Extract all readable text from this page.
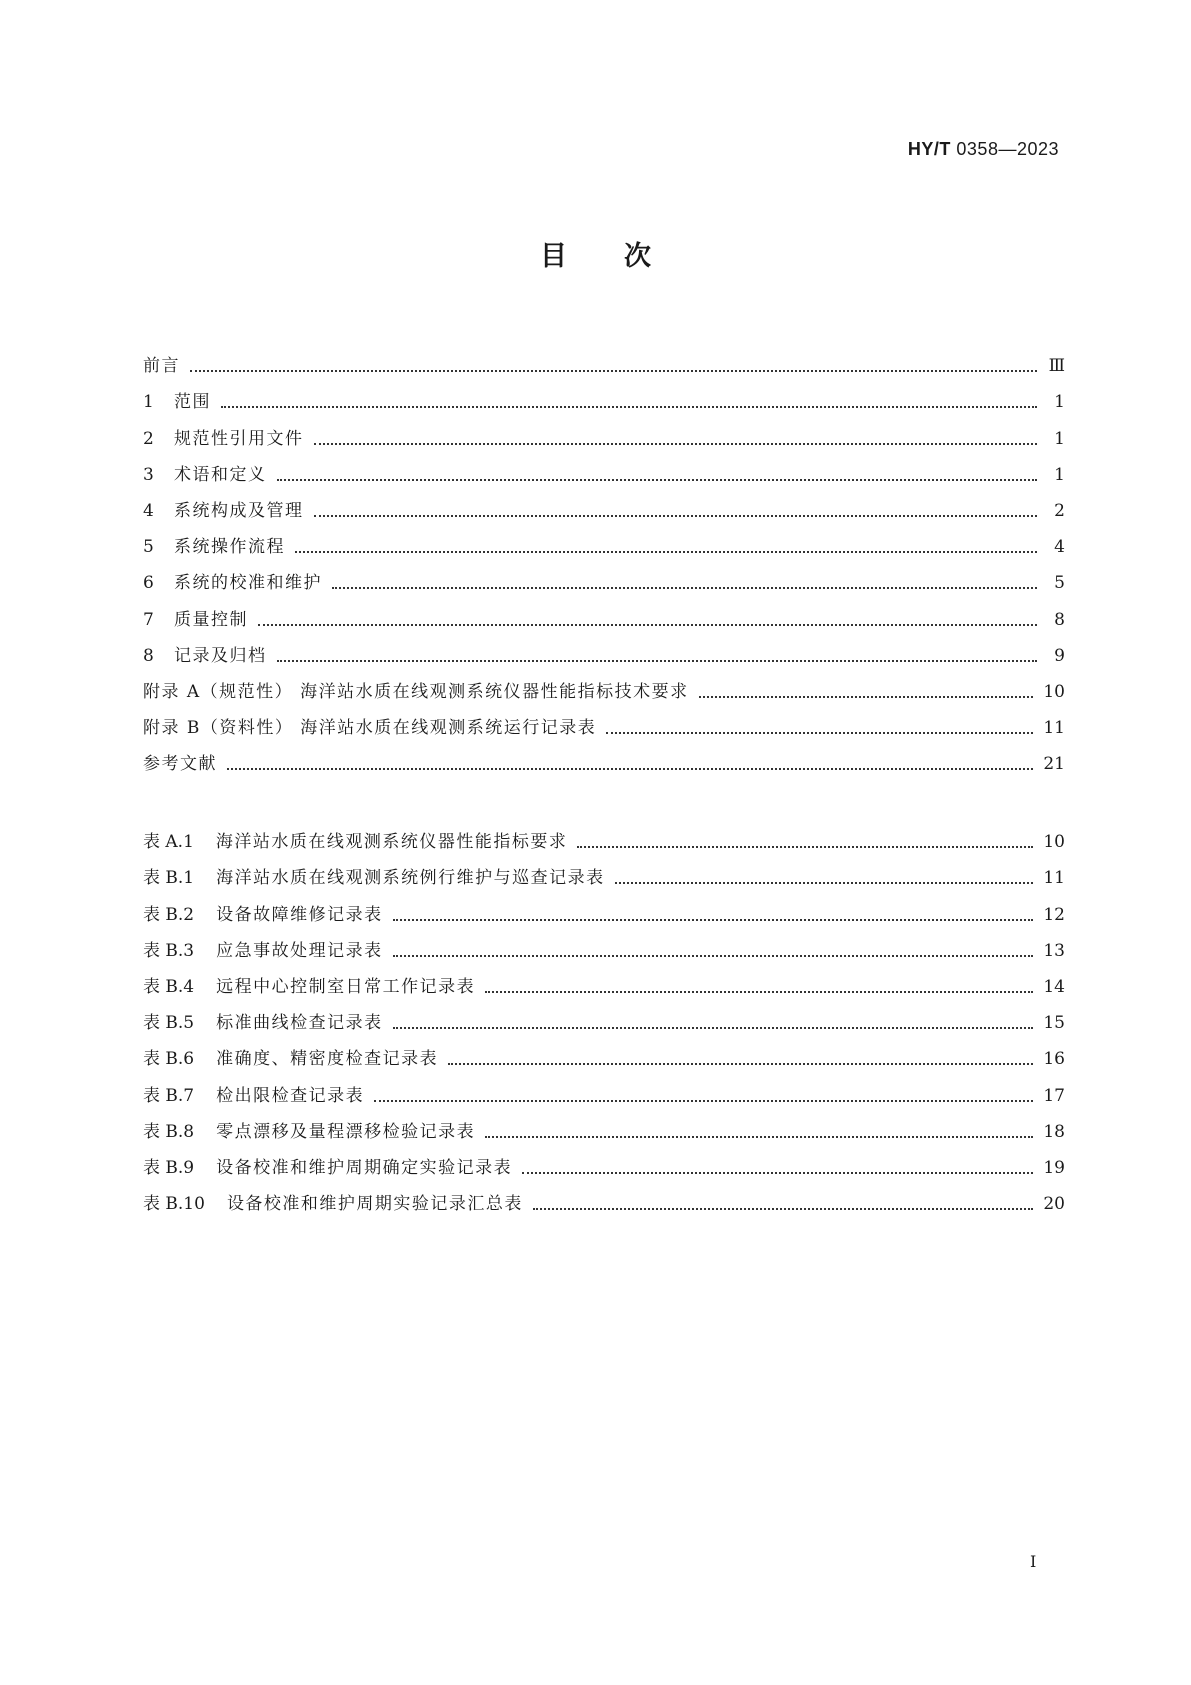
HY/T 0358—2023
目次
前言	Ⅲ
1	范围	1
2	规范性引用文件	1
3	术语和定义	1
4	系统构成及管理	2
5	系统操作流程	4
6	系统的校准和维护	5
7	质量控制	8
8	记录及归档	9
附录 A（规范性） 海洋站水质在线观测系统仪器性能指标技术要求	10
附录 B（资料性） 海洋站水质在线观测系统运行记录表	11
参考文献	21
表 A.1 海洋站水质在线观测系统仪器性能指标要求	10
表 B.1 海洋站水质在线观测系统例行维护与巡查记录表	11
表 B.2 设备故障维修记录表	12
表 B.3 应急事故处理记录表	13
表 B.4 远程中心控制室日常工作记录表	14
表 B.5 标准曲线检查记录表	15
表 B.6 准确度、精密度检查记录表	16
表 B.7 检出限检查记录表	17
表 B.8 零点漂移及量程漂移检验记录表	18
表 B.9 设备校准和维护周期确定实验记录表	19
表 B.10 设备校准和维护周期实验记录汇总表	20
I
